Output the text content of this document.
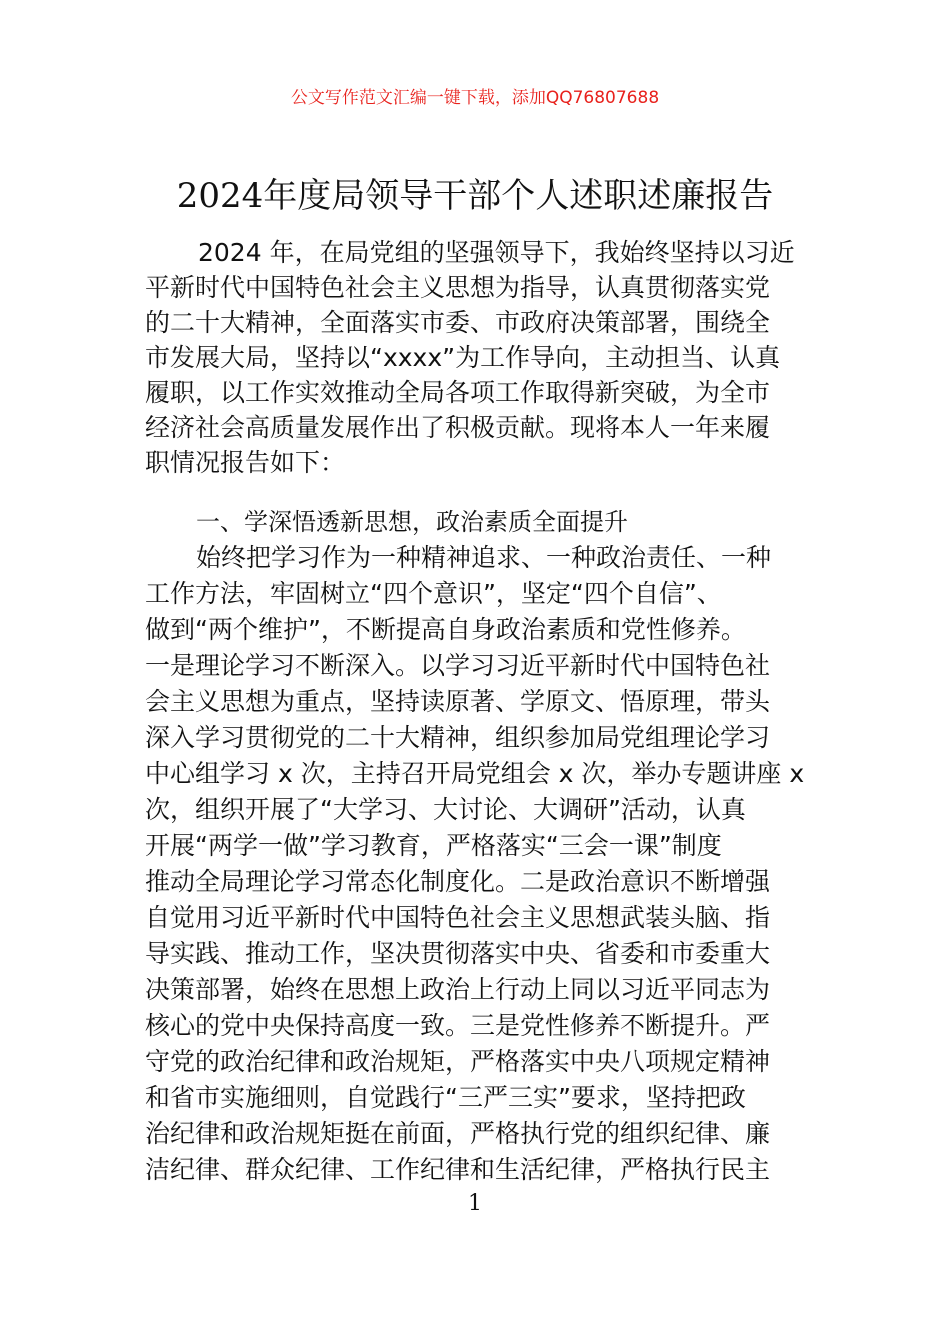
公文写作范文汇编一键下载，添加QQ76807688
2024年度局领导干部个人述职述廉报告
2024 年，在局党组的坚强领导下，我始终坚持以习近
平新时代中国特色社会主义思想为指导，认真贯彻落实党
的二十大精神，全面落实市委、市政府决策部署，围绕全
市发展大局，坚持以“xxxx”为工作导向，主动担当、认真
履职，以工作实效推动全局各项工作取得新突破，为全市
经济社会高质量发展作出了积极贡献。现将本人一年来履
职情况报告如下：
一、学深悟透新思想，政治素质全面提升
始终把学习作为一种精神追求、一种政治责任、一种
工作方法，牢固树立“四个意识”，坚定“四个自信”、
做到“两个维护”，不断提高自身政治素质和党性修养。
一是理论学习不断深入。以学习习近平新时代中国特色社
会主义思想为重点，坚持读原著、学原文、悟原理，带头
深入学习贯彻党的二十大精神，组织参加局党组理论学习
中心组学习 x 次，主持召开局党组会 x 次，举办专题讲座 x
次，组织开展了“大学习、大讨论、大调研”活动，认真
开展“两学一做”学习教育，严格落实“三会一课”制度
推动全局理论学习常态化制度化。二是政治意识不断增强
自觉用习近平新时代中国特色社会主义思想武装头脑、指
导实践、推动工作，坚决贯彻落实中央、省委和市委重大
决策部署，始终在思想上政治上行动上同以习近平同志为
核心的党中央保持高度一致。三是党性修养不断提升。严
守党的政治纪律和政治规矩，严格落实中央八项规定精神
和省市实施细则，自觉践行“三严三实”要求，坚持把政
治纪律和政治规矩挺在前面，严格执行党的组织纪律、廉
洁纪律、群众纪律、工作纪律和生活纪律，严格执行民主
1
